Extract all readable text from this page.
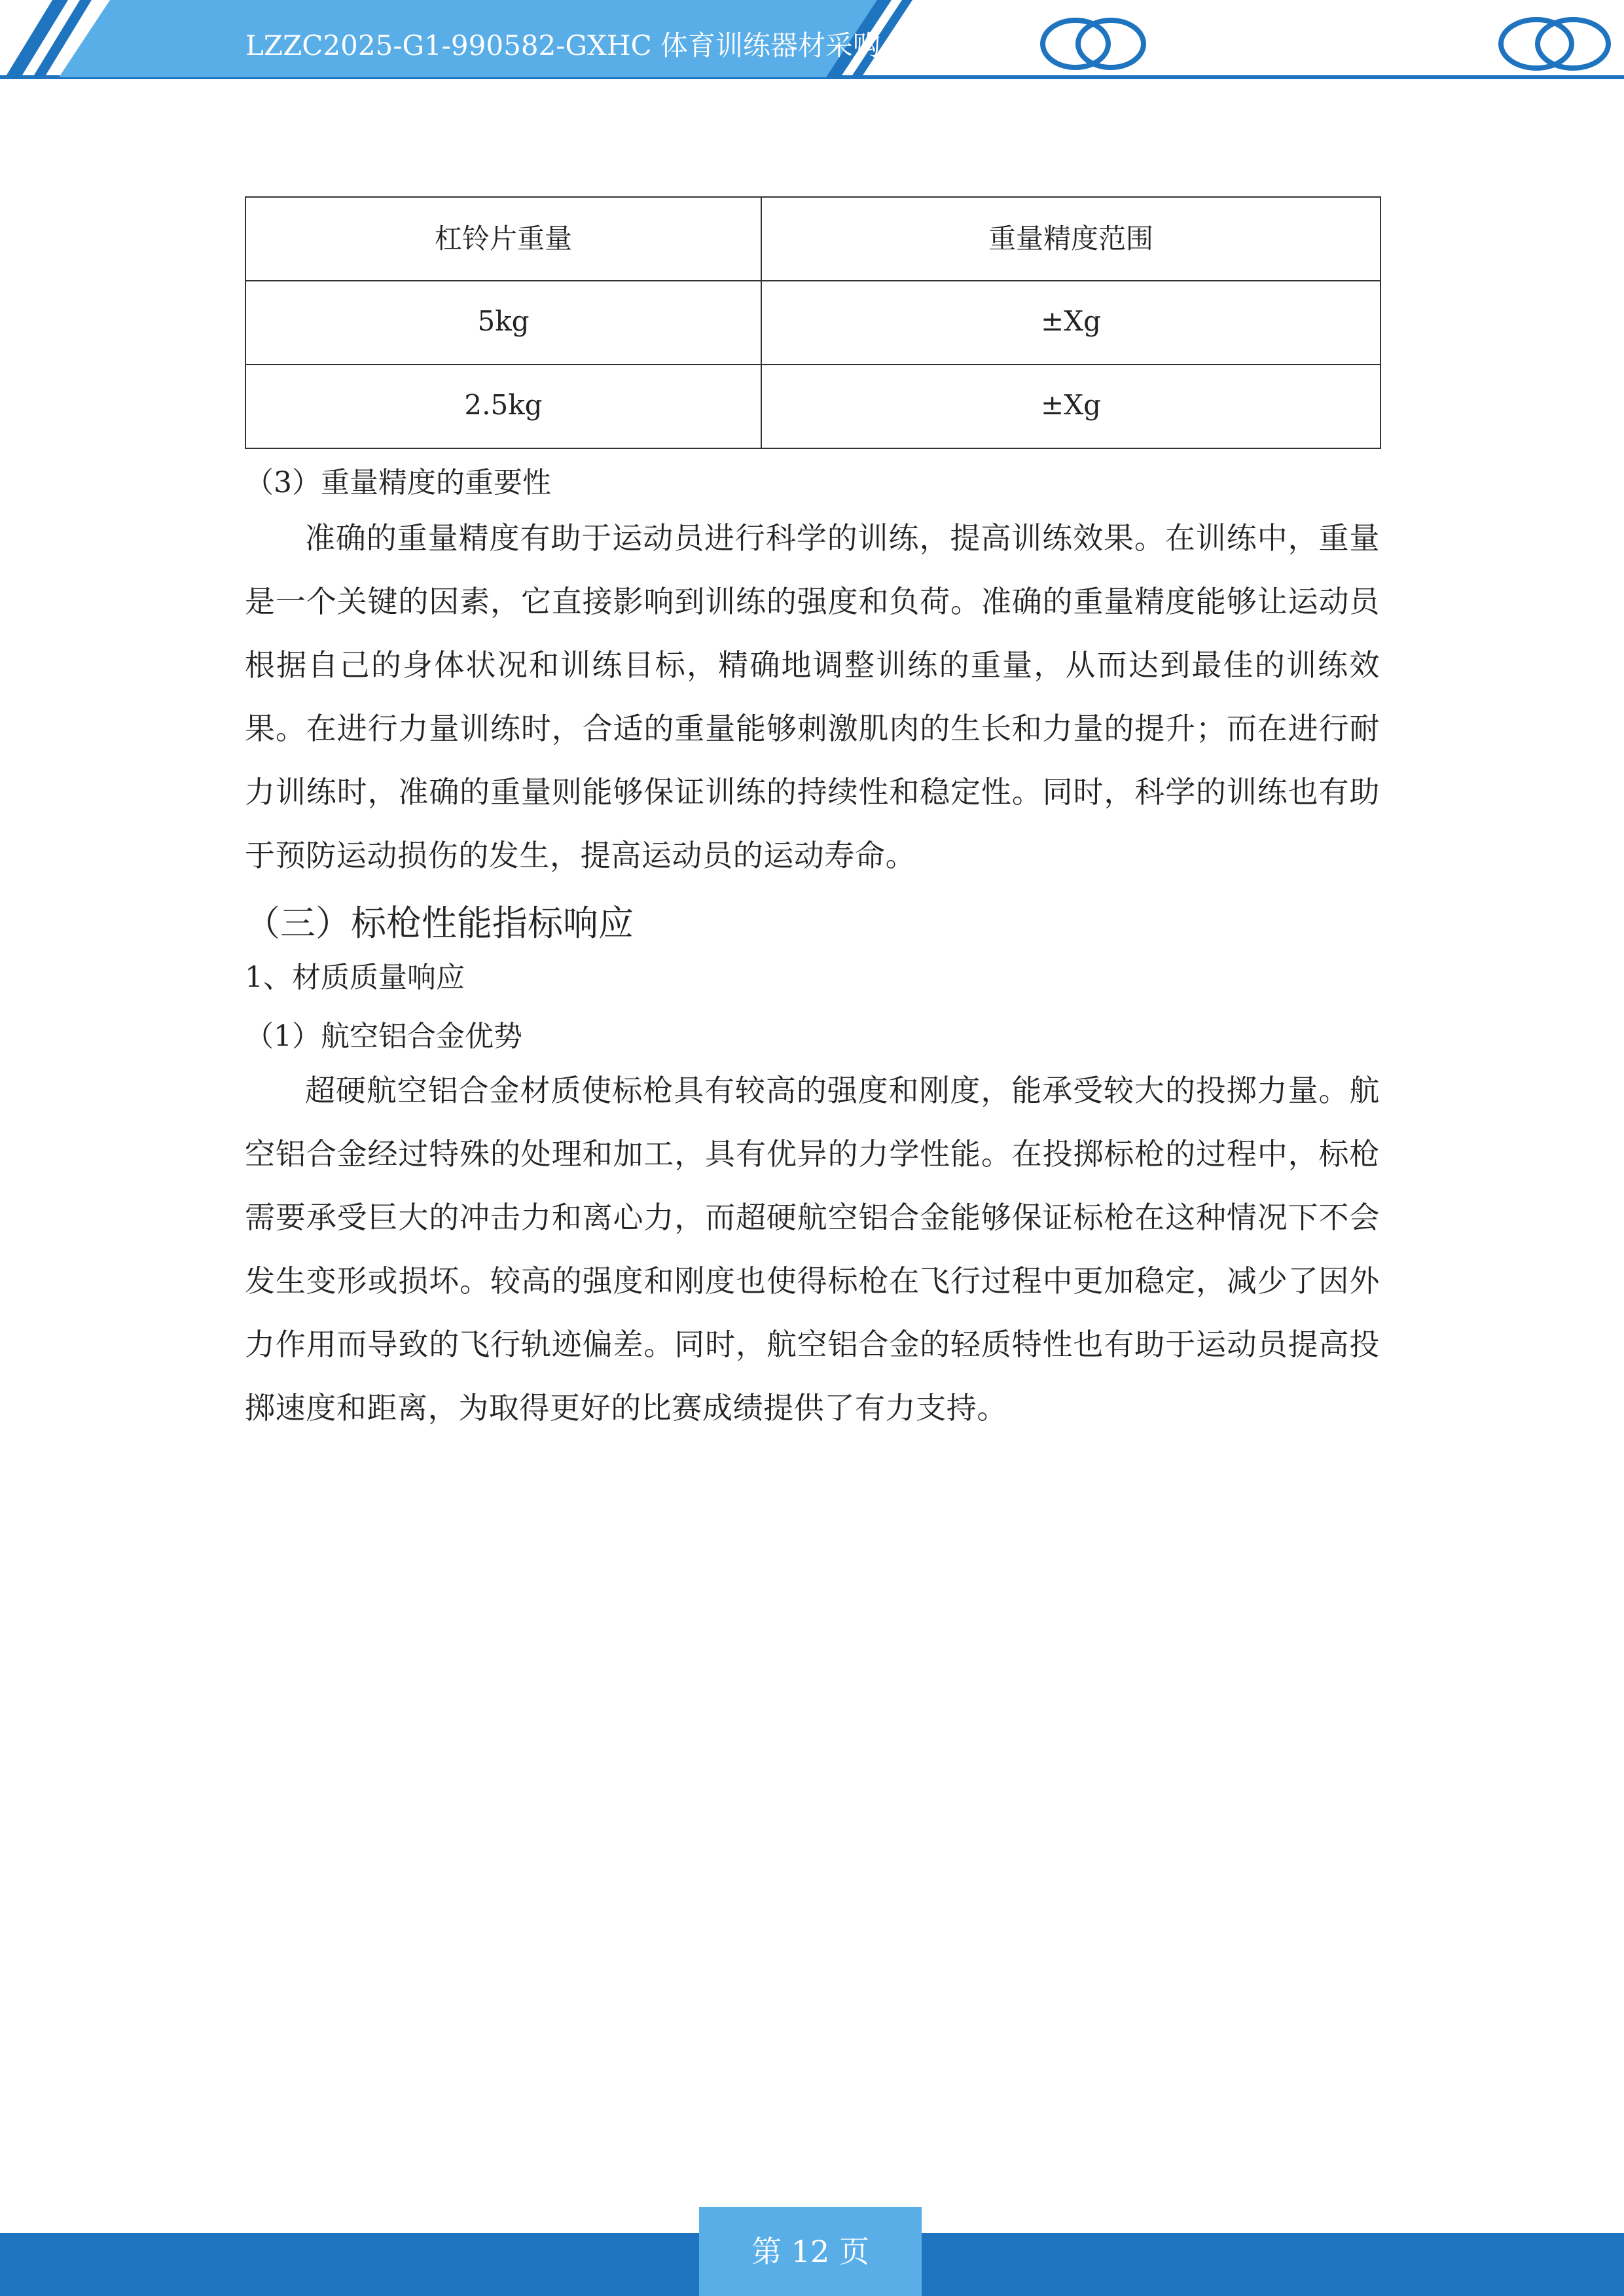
LZZC2025-G1-990582-GXHC 体育训练器材采购
杠铃片重量	重量精度范围
5kg	±Xg
2.5kg	±Xg

（3）重量精度的重要性

准确的重量精度有助于运动员进行科学的训练，提高训练效果。在训练中，重量是一个关键的因素，它直接影响到训练的强度和负荷。准确的重量精度能够让运动员根据自己的身体状况和训练目标，精确地调整训练的重量，从而达到最佳的训练效果。在进行力量训练时，合适的重量能够刺激肌肉的生长和力量的提升；而在进行耐力训练时，准确的重量则能够保证训练的持续性和稳定性。同时，科学的训练也有助于预防运动损伤的发生，提高运动员的运动寿命。

（三）标枪性能指标响应

1、材质质量响应

（1）航空铝合金优势

超硬航空铝合金材质使标枪具有较高的强度和刚度，能承受较大的投掷力量。航空铝合金经过特殊的处理和加工，具有优异的力学性能。在投掷标枪的过程中，标枪需要承受巨大的冲击力和离心力，而超硬航空铝合金能够保证标枪在这种情况下不会发生变形或损坏。较高的强度和刚度也使得标枪在飞行过程中更加稳定，减少了因外力作用而导致的飞行轨迹偏差。同时，航空铝合金的轻质特性也有助于运动员提高投掷速度和距离，为取得更好的比赛成绩提供了有力支持。

第 12 页
